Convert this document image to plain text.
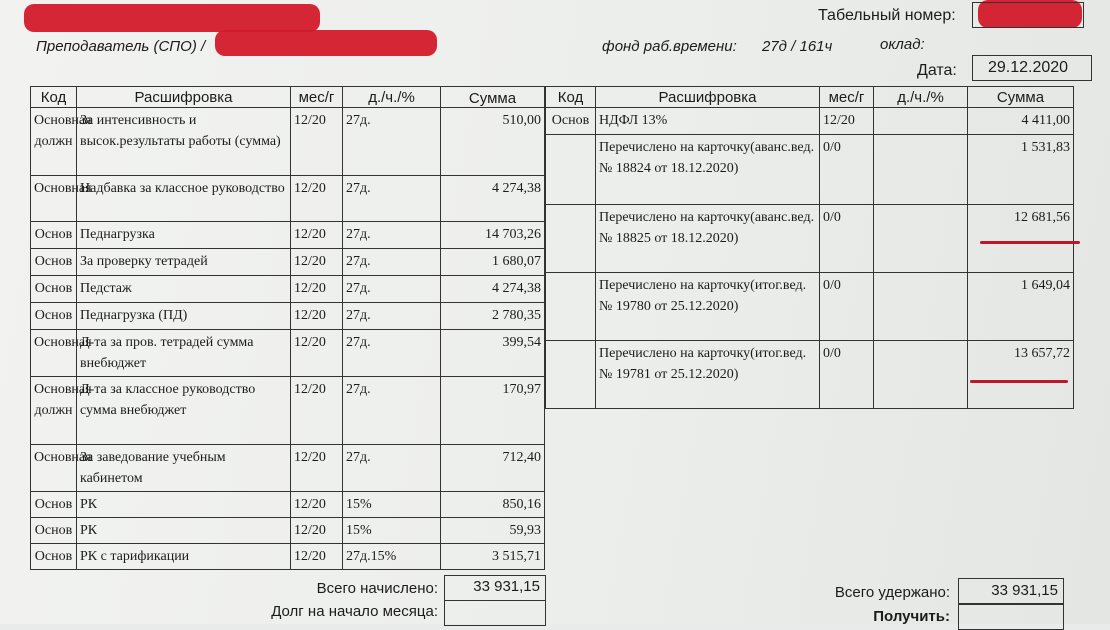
Преподаватель (СПО) /
Табельный номер:
фонд раб.времени: 27д / 161ч	оклад:
Дата: 29.12.2020
Код	Расшифровка	мес/г	д./ч./%	Сумма
Основная должн	За интенсивность и высок.результаты работы (сумма)	12/20	27д.	510,00
Основная	Надбавка за классное руководство	12/20	27д.	4 274,38
Основ	Педнагрузка	12/20	27д.	14 703,26
Основ	За проверку тетрадей	12/20	27д.	1 680,07
Основ	Педстаж	12/20	27д.	4 274,38
Основ	Педнагрузка (ПД)	12/20	27д.	2 780,35
Основная	Д-та за пров. тетрадей сумма внебюджет	12/20	27д.	399,54
Основная должн	Д-та за классное руководство сумма внебюджет	12/20	27д.	170,97
Основная	За заведование учебным кабинетом	12/20	27д.	712,40
Основ	РК	12/20	15%	850,16
Основ	РК	12/20	15%	59,93
Основ	РК с тарификации	12/20	27д.15%	3 515,71
Всего начислено:	33 931,15
Долг на начало месяца:
Код	Расшифровка	мес/г	д./ч./%	Сумма
Основ	НДФЛ 13%	12/20		4 411,00
	Перечислено на карточку(аванс.вед.№ 18824 от 18.12.2020)	0/0		1 531,83
	Перечислено на карточку(аванс.вед.№ 18825 от 18.12.2020)	0/0		12 681,56
	Перечислено на карточку(итог.вед.№ 19780 от 25.12.2020)	0/0		1 649,04
	Перечислено на карточку(итог.вед.№ 19781 от 25.12.2020)	0/0		13 657,72
Всего удержано:	33 931,15
Получить:
